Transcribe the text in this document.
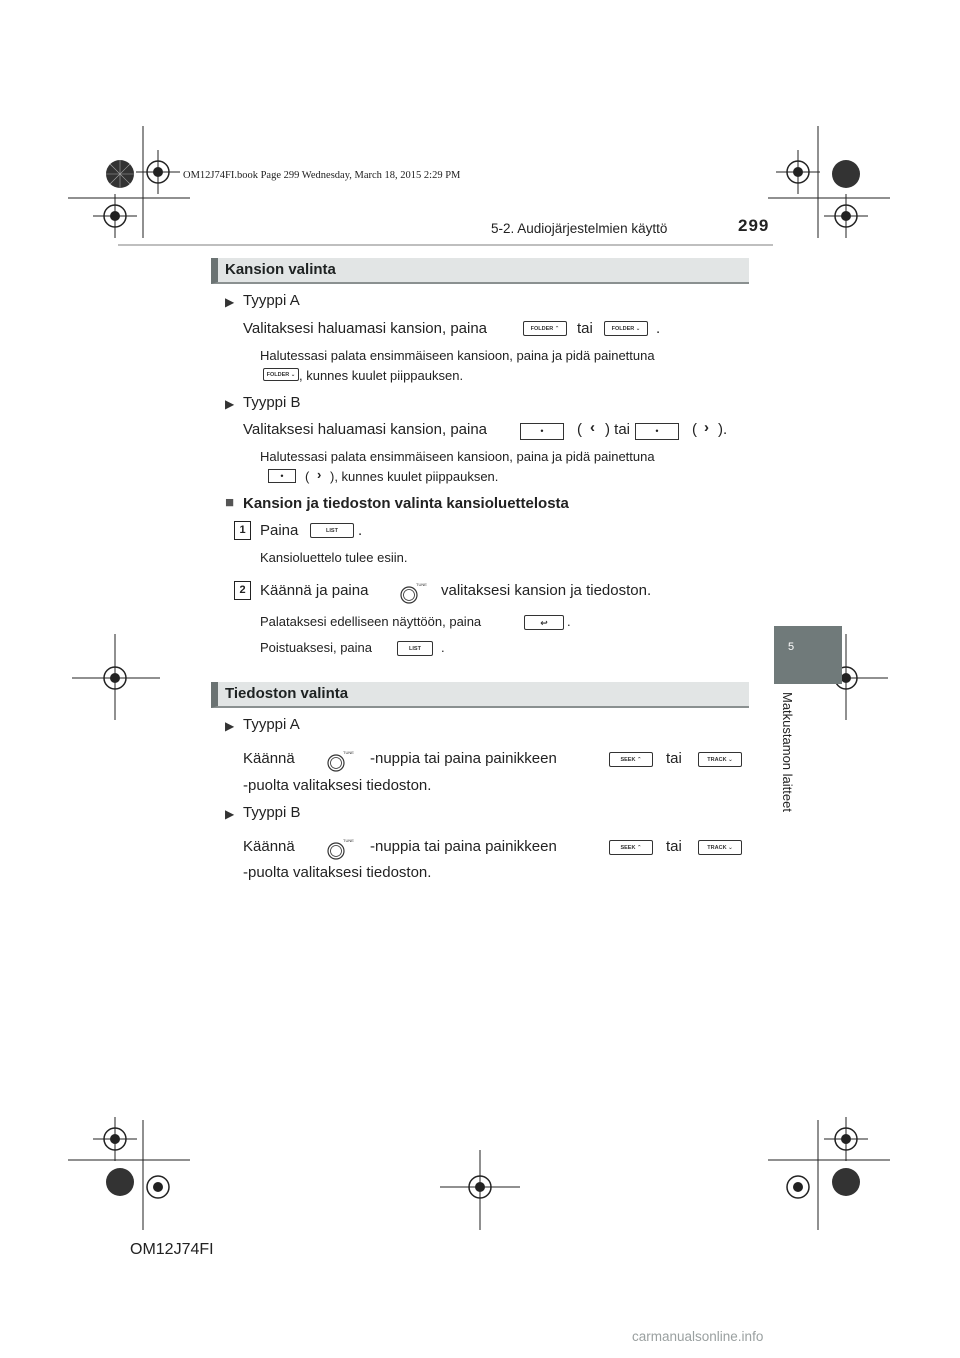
OM12J74FI.book Page 299 Wednesday, March 18, 2015 2:29 PM
5-2. Audiojärjestelmien käyttö	299
5
Matkustamon laitteet
Kansion valinta
▶ Tyyppi A
Valitaksesi haluamasi kansion, paina	FOLDER ⌃	tai	FOLDER ⌄	.
Halutessasi palata ensimmäiseen kansioon, paina ja pidä painettuna
FOLDER ⌄ , kunnes kuulet piippauksen.
▶ Tyyppi B
Valitaksesi haluamasi kansion, paina	•	( ‹ ) tai	•	( › ).
Halutessasi palata ensimmäiseen kansioon, paina ja pidä painettuna
•	( › ), kunnes kuulet piippauksen.
■ Kansion ja tiedoston valinta kansioluettelosta
1 Paina	LIST	.
Kansioluettelo tulee esiin.
2 Käännä ja paina	TUNE valitaksesi kansion ja tiedoston.
Palataksesi edelliseen näyttöön, paina	↩	.
Poistuaksesi, paina	LIST	.
Tiedoston valinta
▶ Tyyppi A
Käännä	TUNE -nuppia tai paina painikkeen	SEEK ⌃	tai	TRACK ⌄
-puolta valitaksesi tiedoston.
▶ Tyyppi B
Käännä	TUNE -nuppia tai paina painikkeen	SEEK ⌃	tai	TRACK ⌄
-puolta valitaksesi tiedoston.
OM12J74FI
carmanualsonline.info
